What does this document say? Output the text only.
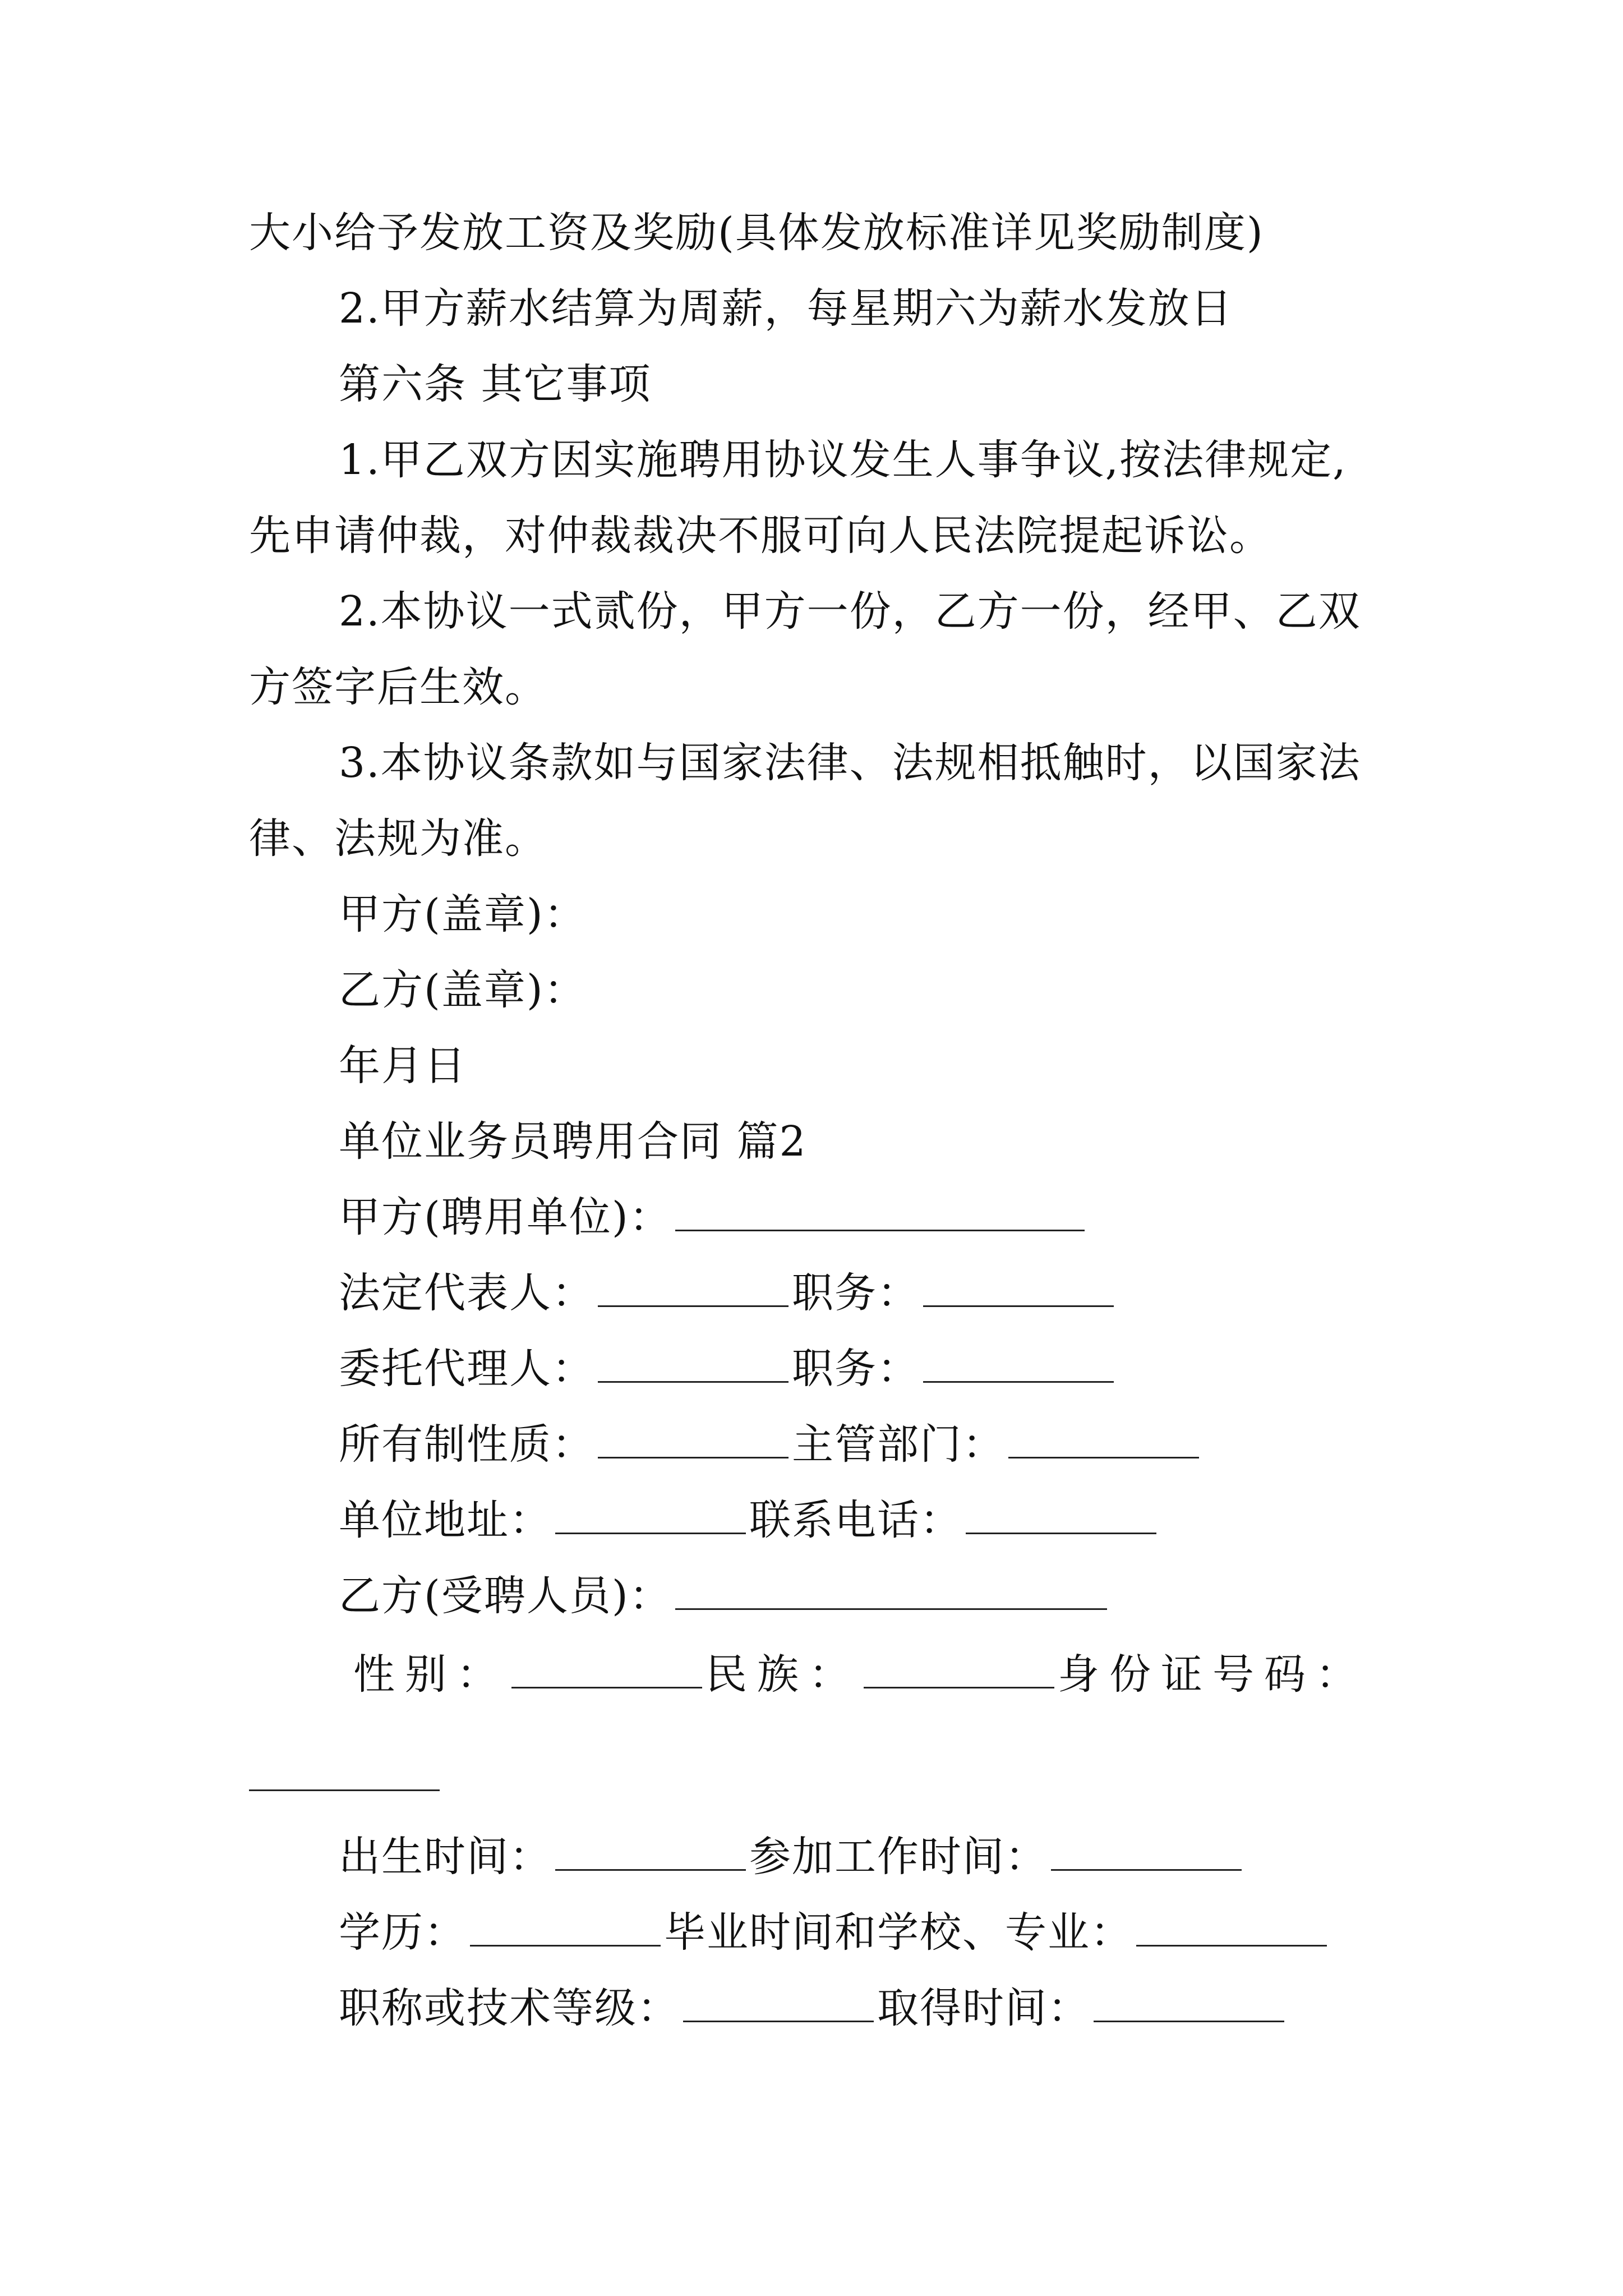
大小给予发放工资及奖励(具体发放标准详见奖励制度)
2.甲方薪水结算为周薪，每星期六为薪水发放日
第六条 其它事项
1.甲乙双方因实施聘用协议发生人事争议,按法律规定,
先申请仲裁，对仲裁裁决不服可向人民法院提起诉讼。
2.本协议一式贰份，甲方一份，乙方一份，经甲、乙双
方签字后生效。
3.本协议条款如与国家法律、法规相抵触时，以国家法
律、法规为准。
甲方(盖章)：
乙方(盖章)：
年月日
单位业务员聘用合同 篇2
甲方(聘用单位)：
法定代表人：	职务：
委托代理人：	职务：
所有制性质：	主管部门：
单位地址：	联系电话：
乙方(受聘人员)：
性别：	民族：	身份证号码：
出生时间：	参加工作时间：
学历：	毕业时间和学校、专业：
职称或技术等级：	取得时间：
